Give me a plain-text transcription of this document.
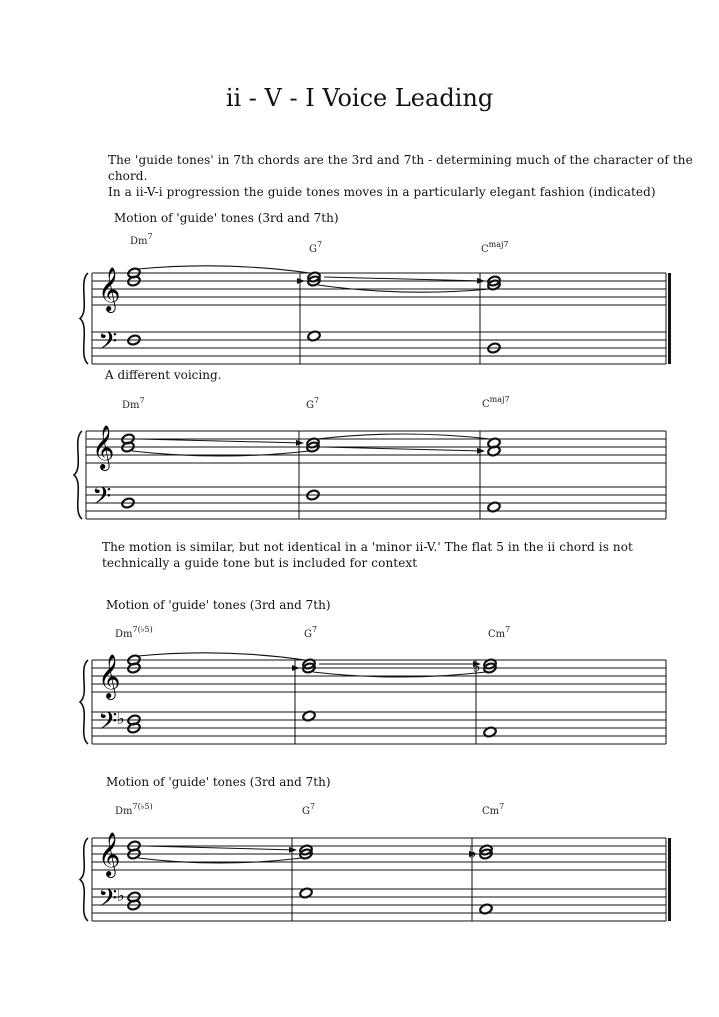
ii - V - I Voice Leading
The 'guide tones' in 7th chords are the 3rd and 7th - determining much of the character of the chord.
In a ii-V-i progression the guide tones moves in a particularly elegant fashion (indicated)
Motion of 'guide' tones (3rd and 7th)
A different voicing.
The motion is similar, but not identical in a 'minor ii-V.' The flat 5 in the ii chord is not
technically a guide tone but is included for context
Motion of 'guide' tones (3rd and 7th)
Motion of 'guide' tones (3rd and 7th)
𝄞
𝄢
Dm$^7$
$G^7$	$C^{maj7}$
𝄞
𝄢
Dm$^7$	$G^7$	$C^{maj7}$
𝄞
𝄢
♭
♭
$Dm^{7(♭5)}$	$G^7$	Cm$^7$
𝄞
𝄢
♭
♭
$Dm^{7(♭5)}$	$G^7$	Cm$^7$
